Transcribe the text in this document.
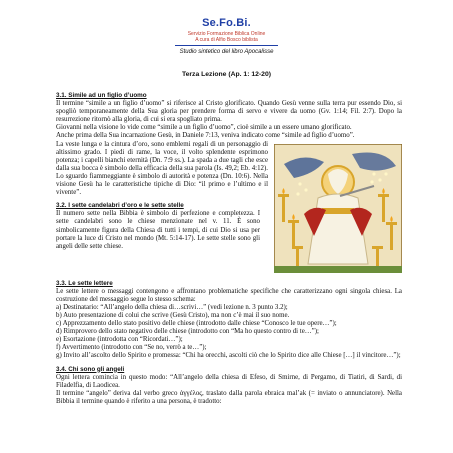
Se.Fo.Bi.
Servizio Formazione Biblica Online
A cura di Alfio Bosco biblista
Studio sintetico del libro Apocalisse
Terza Lezione (Ap. 1: 12-20)
3.1. Simile ad un figlio d’uomo

Il termine “simile a un figlio d’uomo” si riferisce al Cristo glorificato. Quando Gesù venne sulla terra pur essendo Dio, si spogliò temporaneamente della Sua gloria per prendere forma di servo e vivere da uomo (Gv. 1:14; Fil. 2:7). Dopo la resurrezione ritornò alla gloria, di cui si era spogliato prima.

Giovanni nella visione lo vide come “simile a un figlio d’uomo”, cioè simile a un essere umano glorificato.

Anche prima della Sua incarnazione Gesù, in Daniele 7:13, veniva indicato come “simile ad figlio d’uomo”.

La veste lunga e la cintura d’oro, sono emblemi regali di un personaggio di altissimo grado. I piedi di rame, la voce, il volto splendente esprimono potenza; i capelli bianchi eternità (Dn. 7:9 ss.). La spada a due tagli che esce dalla sua bocca è simbolo della efficacia della sua parola (Is. 49,2; Eb. 4:12). Lo sguardo fiammeggiante è simbolo di autorità e potenza (Dn. 10:6). Nella visione Gesù ha le caratteristiche tipiche di Dio: “il primo e l’ultimo e il vivente”.

3.2. I sette candelabri d’oro e le sette stelle

Il numero sette nella Bibbia è simbolo di perfezione e completezza. I sette candelabri sono le chiese menzionate nel v. 11. È sono simbolicamente figura della Chiesa di tutti i tempi, di cui Dio si usa per portare la luce di Cristo nel mondo (Mt. 5:14-17). Le sette stelle sono gli angeli delle sette chiese.

3.3. Le sette lettere

Le sette lettere o messaggi contengono e affrontano problematiche specifiche che caratterizzano ogni singola chiesa. La costruzione del messaggio segue lo stesso schema:

a) Destinatario: “All’angelo della chiesa di…scrivi…” (vedi lezione n. 3 punto 3.2);

b) Auto presentazione di colui che scrive (Gesù Cristo), ma non c’è mai il suo nome.

c) Apprezzamento dello stato positivo delle chiese (introdotto dalle chiese “Conosco le tue opere…”);

d) Rimprovero dello stato negativo delle chiese (introdotto con “Ma ho questo contro di te…”);

e) Esortazione (introdotta con “Ricordati…”);

f) Avvertimento (introdotto con “Se no, verrò a te…”);

g) Invito all’ascolto dello Spirito e promessa: “Chi ha orecchi, ascolti ciò che lo Spirito dice alle Chiese […] il vincitore…”);

3.4. Chi sono gli angeli

Ogni lettera comincia in questo modo: “All’angelo della chiesa di Efeso, di Smirne, di Pergamo, di Tiatiri, di Sardi, di Filadelfia, di Laodicea.

Il termine “angelo” deriva dal verbo greco ἀγγέλος, traslato dalla parola ebraica mal’ak (= inviato o annunciatore). Nella Bibbia il termine quando è riferito a una persona, è tradotto:
